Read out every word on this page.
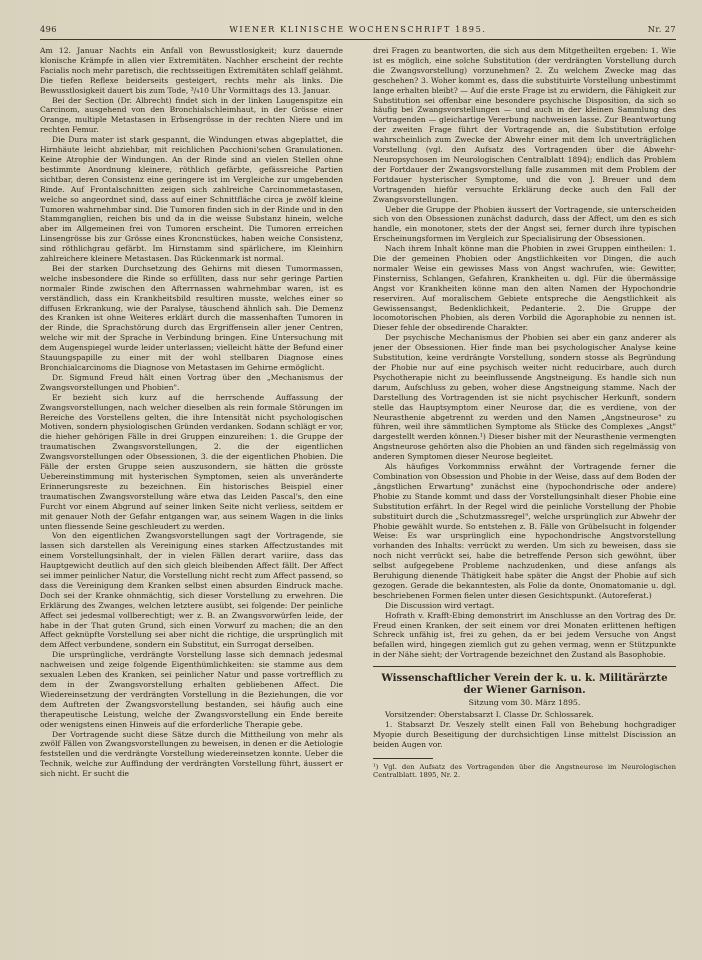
496	WIENER KLINISCHE WOCHENSCHRIFT 1895.	Nr. 27

Am 12. Januar Nachts ein Anfall von Bewusstlosigkeit; kurz dauernde klonische Krämpfe in allen vier Extremitäten. Nachher erscheint der rechte Facialis noch mehr paretisch, die rechtsseitigen Extremitäten schlaff gelähmt. Die tiefen Reflexe beiderseits gesteigert, rechts mehr als links. Die Bewusstlosigkeit dauert bis zum Tode, ³/₄10 Uhr Vormittags des 13. Januar.

Bei der Section (Dr. Albrecht) findet sich in der linken Laugenspitze ein Carcinom, ausgehend von den Bronchialschleimhaut, in der Grösse einer Orange, multiple Metastasen in Erbsengrösse in der rechten Niere und im rechten Femur.

Die Dura mater ist stark gespannt, die Windungen etwas abgeplattet, die Hirnhäute leicht abziehbar, mit reichlichen Pacchioni'schen Granulationen. Keine Atrophie der Windungen. An der Rinde sind an vielen Stellen ohne bestimmte Anordnung kleinere, röthlich gefärbte, gefässreiche Partien sichtbar, deren Consistenz eine geringere ist im Vergleiche zur umgebenden Rinde. Auf Frontalschnitten zeigen sich zahlreiche Carcinommetastasen, welche so angeordnet sind, dass auf einer Schnittfläche circa je zwölf kleine Tumoren wahrnehmbar sind. Die Tumoren finden sich in der Rinde und in den Stammganglien, reichen bis und da in die weisse Substanz hinein, welche aber im Allgemeinen frei von Tumoren erscheint. Die Tumoren erreichen Linsengrösse bis zur Grösse eines Kroncnstückes, haben weiche Consistenz, sind röthlichgrau gefärbt. Im Hirnstamm sind spärlichere, im Kleinhirn zahlreichere kleinere Metastasen. Das Rückenmark ist normal.

Bei der starken Durchsetzung des Gehirns mit diesen Tumormassen, welche insbesondere die Rinde so erfüllten, dass nur sehr geringe Partien normaler Rinde zwischen den Afterrnassen wahrnehmbar waren, ist es verständlich, dass ein Krankheitsbild resultiren musste, welches einer so diffusen Erkrankung, wie der Paralyse, täuschend ähnlich sah. Die Demenz des Kranken ist ohne Weiteres erklärt durch die massenhaften Tumoren in der Rinde, die Sprachstörung durch das Ergriffensein aller jener Centren, welche wir mit der Sprache in Verbindung bringen. Eine Untersuchung mit dem Augenspiegel wurde leider unterlassen; vielleicht hätte der Befund einer Stauungspapille zu einer mit der wohl stellbaren Diagnose eines Bronchialcarcinoms die Diagnose von Metastasen im Gehirne ermöglicht.

Dr. Sigmund Freud hält einen Vortrag über den „Mechanismus der Zwangsvorstellungen und Phobien".

Er bezieht sich kurz auf die herrschende Auffassung der Zwangsvorstellungen, nach welcher dieselben als rein formale Störungen im Bereiche des Vorstellens gelten, die ihre Intensität nicht psychologischen Motiven, sondern physiologischen Gründen verdanken. Sodann schlägt er vor, die hieher gehörigen Fälle in drei Gruppen einzureihen: 1. die Gruppe der traumatischen Zwangsvorstellungen, 2. die der eigentlichen Zwangsvorstellungen oder Obsessionen, 3. die der eigentlichen Phobien. Die Fälle der ersten Gruppe seien auszusondern, sie hätten die grösste Uebereinstimmung mit hysterischen Symptomen, seien als unveränderte Erinnerungsreste zu bezeichnen. Ein historisches Beispiel einer traumatischen Zwangsvorstellung wäre etwa das Leiden Pascal's, den eine Furcht vor einem Abgrund auf seiner linken Seite nicht verliess, seitdem er mit genauer Noth der Gefahr entgangen war, aus seinem Wagen in die links unten fliessende Seine geschleudert zu werden.

Von den eigentlichen Zwangsvorstellungen sagt der Vortragende, sie lassen sich darstellen als Vereinigung eines starken Affectzustandes mit einem Vorstellungsinhalt, der in vielen Fällen derart variire, dass das Hauptgewicht deutlich auf den sich gleich bleibenden Affect fällt. Der Affect sei immer peinlicher Natur, die Vorstellung nicht recht zum Affect passend, so dass die Vereinigung dem Kranken selbst einen absurden Eindruck mache. Doch sei der Kranke ohnmächtig, sich dieser Vorstellung zu erwehren. Die Erklärung des Zwanges, welchen letztere ausübt, sei folgende: Der peinliche Affect sei jedesmal vollberechtigt; wer z. B. an Zwangsvorwürfen leide, der habe in der That guten Grund, sich einen Vorwurf zu machen; die an den Affect geknüpfte Vorstellung sei aber nicht die richtige, die ursprünglich mit dem Affect verbundene, sondern ein Substitut, ein Surrogat derselben.

Die ursprüngliche, verdrängte Vorstellung lasse sich demnach jedesmal nachweisen und zeige folgende Eigenthümlichkeiten: sie stamme aus dem sexualen Leben des Kranken, sei peinlicher Natur und passe vortrefflich zu dem in der Zwangsvorstellung erhalten gebliebenen Affect. Die Wiedereinsetzung der verdrängten Vorstellung in die Beziehungen, die vor dem Auftreten der Zwangsvorstellung bestanden, sei häufig auch eine therapeutische Leistung, welche der Zwangsvorstellung ein Ende bereite oder wenigstens einen Hinweis auf die erforderliche Therapie gebe.

Der Vortragende sucht diese Sätze durch die Mittheilung von mehr als zwölf Fällen von Zwangsvorstellungen zu beweisen, in denen er die Aetiologie feststellen und die verdrängte Vorstellung wiedereinsetzen konnte. Ueber die Technik, welche zur Auffindung der verdrängten Vorstellung führt, äussert er sich nicht. Er sucht die

drei Fragen zu beantworten, die sich aus dem Mitgetheilten ergeben: 1. Wie ist es möglich, eine solche Substitution (der verdrängten Vorstellung durch die Zwangsvorstellung) vorzunehmen? 2. Zu welchem Zwecke mag das geschehen? 3. Woher kommt es, dass die substituirte Vorstellung unbestimmt lange erhalten bleibt? — Auf die erste Frage ist zu erwidern, die Fähigkeit zur Substitution sei offenbar eine besondere psychische Disposition, da sich so häufig bei Zwangsvorstellungen — und auch in der kleinen Sammlung des Vortragenden — gleichartige Vererbung nachweisen lasse. Zur Beantwortung der zweiten Frage führt der Vortragende an, die Substitution erfolge wahrscheinlich zum Zwecke der Abwehr einer mit dem Ich unverträglichen Vorstellung (vgl. den Aufsatz des Vortragenden über die Abwehr-Neuropsychosen im Neurologischen Centralblatt 1894); endlich das Problem der Fortdauer der Zwangsvorstellung falle zusammen mit dem Problem der Fortdauer hysterischer Symptome, und die von J. Breuer und dem Vortragenden hiefür versuchte Erklärung decke auch den Fall der Zwangsvorstellungen.

Ueber die Gruppe der Phobien äussert der Vortragende, sie unterscheiden sich von den Obsessionen zunächst dadurch, dass der Affect, um den es sich handle, ein monotoner, stets der der Angst sei, ferner durch ihre typischen Erscheinungsformen im Vergleich zur Specialisirung der Obsessionen.

Nach ihrem Inhalt könne man die Phobien in zwei Gruppen eintheilen: 1. Die der gemeinen Phobien oder Angstlichkeiten vor Dingen, die auch normaler Weise ein gewisses Mass von Angst wachrufen, wie: Gewitter, Finsterniss, Schlangen, Gefahren, Krankheiten u. dgl. Für die übermässige Angst vor Krankheiten könne man den alten Namen der Hypochondrie reserviren. Auf moralischem Gebiete entspreche die Aengstlichkeit als Gewissensangst, Bedenklichkeit, Pedanterie. 2. Die Gruppe der locomotorischen Phobien, als deren Vorbild die Agoraphobie zu nennen ist. Dieser fehle der obsedirende Charakter.

Der psychische Mechanismus der Phobien sei aber ein ganz anderer als jener der Obsessionen. Hier finde man bei psychologischer Analyse keine Substitution, keine verdrängte Vorstellung, sondern stosse als Begründung der Phobie nur auf eine psychisch weiter nicht reducirbare, auch durch Psychotherapie nicht zu beeinflussende Angstneigung. Es handle sich nun darum, Aufschluss zu geben, woher diese Angstneigung stamme. Nach der Darstellung des Vortragenden ist sie nicht psychischer Herkunft, sondern stelle das Hauptsymptom einer Neurose dar, die es verdiene, von der Neurasthenie abgetrennt zu werden und den Namen „Angstneurose" zu führen, weil ihre sämmtlichen Symptome als Stücke des Complexes „Angst" dargestellt werden können.¹) Dieser bisher mit der Neurasthenie vermengten Angstneurose gehörten also die Phobien an und fänden sich regelmässig von anderen Symptomen dieser Neurose begleitet.

Als häufiges Vorkommniss erwähnt der Vortragende ferner die Combination von Obsession und Phobie in der Weise, dass auf dem Boden der „ängstlichen Erwartung" zunächst eine (hypochondrische oder andere) Phobie zu Stande kommt und dass der Vorstellungsinhalt dieser Phobie eine Substitution erfährt. In der Regel wird die peinliche Vorstellung der Phobie substituirt durch die „Schutzmassregel", welche ursprünglich zur Abwehr der Phobie gewählt wurde. So entstehen z. B. Fälle von Grübelsucht in folgender Weise: Es war ursprünglich eine hypochondrische Angstvorstellung vorhanden des Inhalts: verrückt zu werden. Um sich zu beweisen, dass sie noch nicht verrückt sei, habe die betreffende Person sich gewöhnt, über selbst aufgegebene Probleme nachzudenken, und diese anfangs als Beruhigung dienende Thätigkeit habe später die Angst der Phobie auf sich gezogen. Gerade die bekanntesten, als Folie da donte, Onomatomanie u. dgl. beschriebenen Formen fielen unter diesen Gesichtspunkt. (Autoreferat.)

Die Discussion wird vertagt.

Hofrath v. Krafft-Ebing demonstrirt im Anschlusse an den Vortrag des Dr. Freud einen Kranken, der seit einem vor drei Monaten erlittenen heftigen Schreck unfähig ist, frei zu gehen, da er bei jedem Versuche von Angst befallen wird, hingegen ziemlich gut zu gehen vermag, wenn er Stützpunkte in der Nähe sieht; der Vortragende bezeichnet den Zustand als Basophobie.

Wissenschaftlicher Verein der k. u. k. Militärärzte der Wiener Garnison.
Sitzung vom 30. März 1895.

Vorsitzender: Oberstabsarzt I. Classe Dr. Schlossarek.

1. Stabsarzt Dr. Veszely stellt einen Fall von Behebung hochgradiger Myopie durch Beseitigung der durchsichtigen Linse mittelst Discission an beiden Augen vor.

¹) Vgl. den Aufsatz des Vortragenden über die Angstneurose im Neurologischen Centralblatt. 1895, Nr. 2.
